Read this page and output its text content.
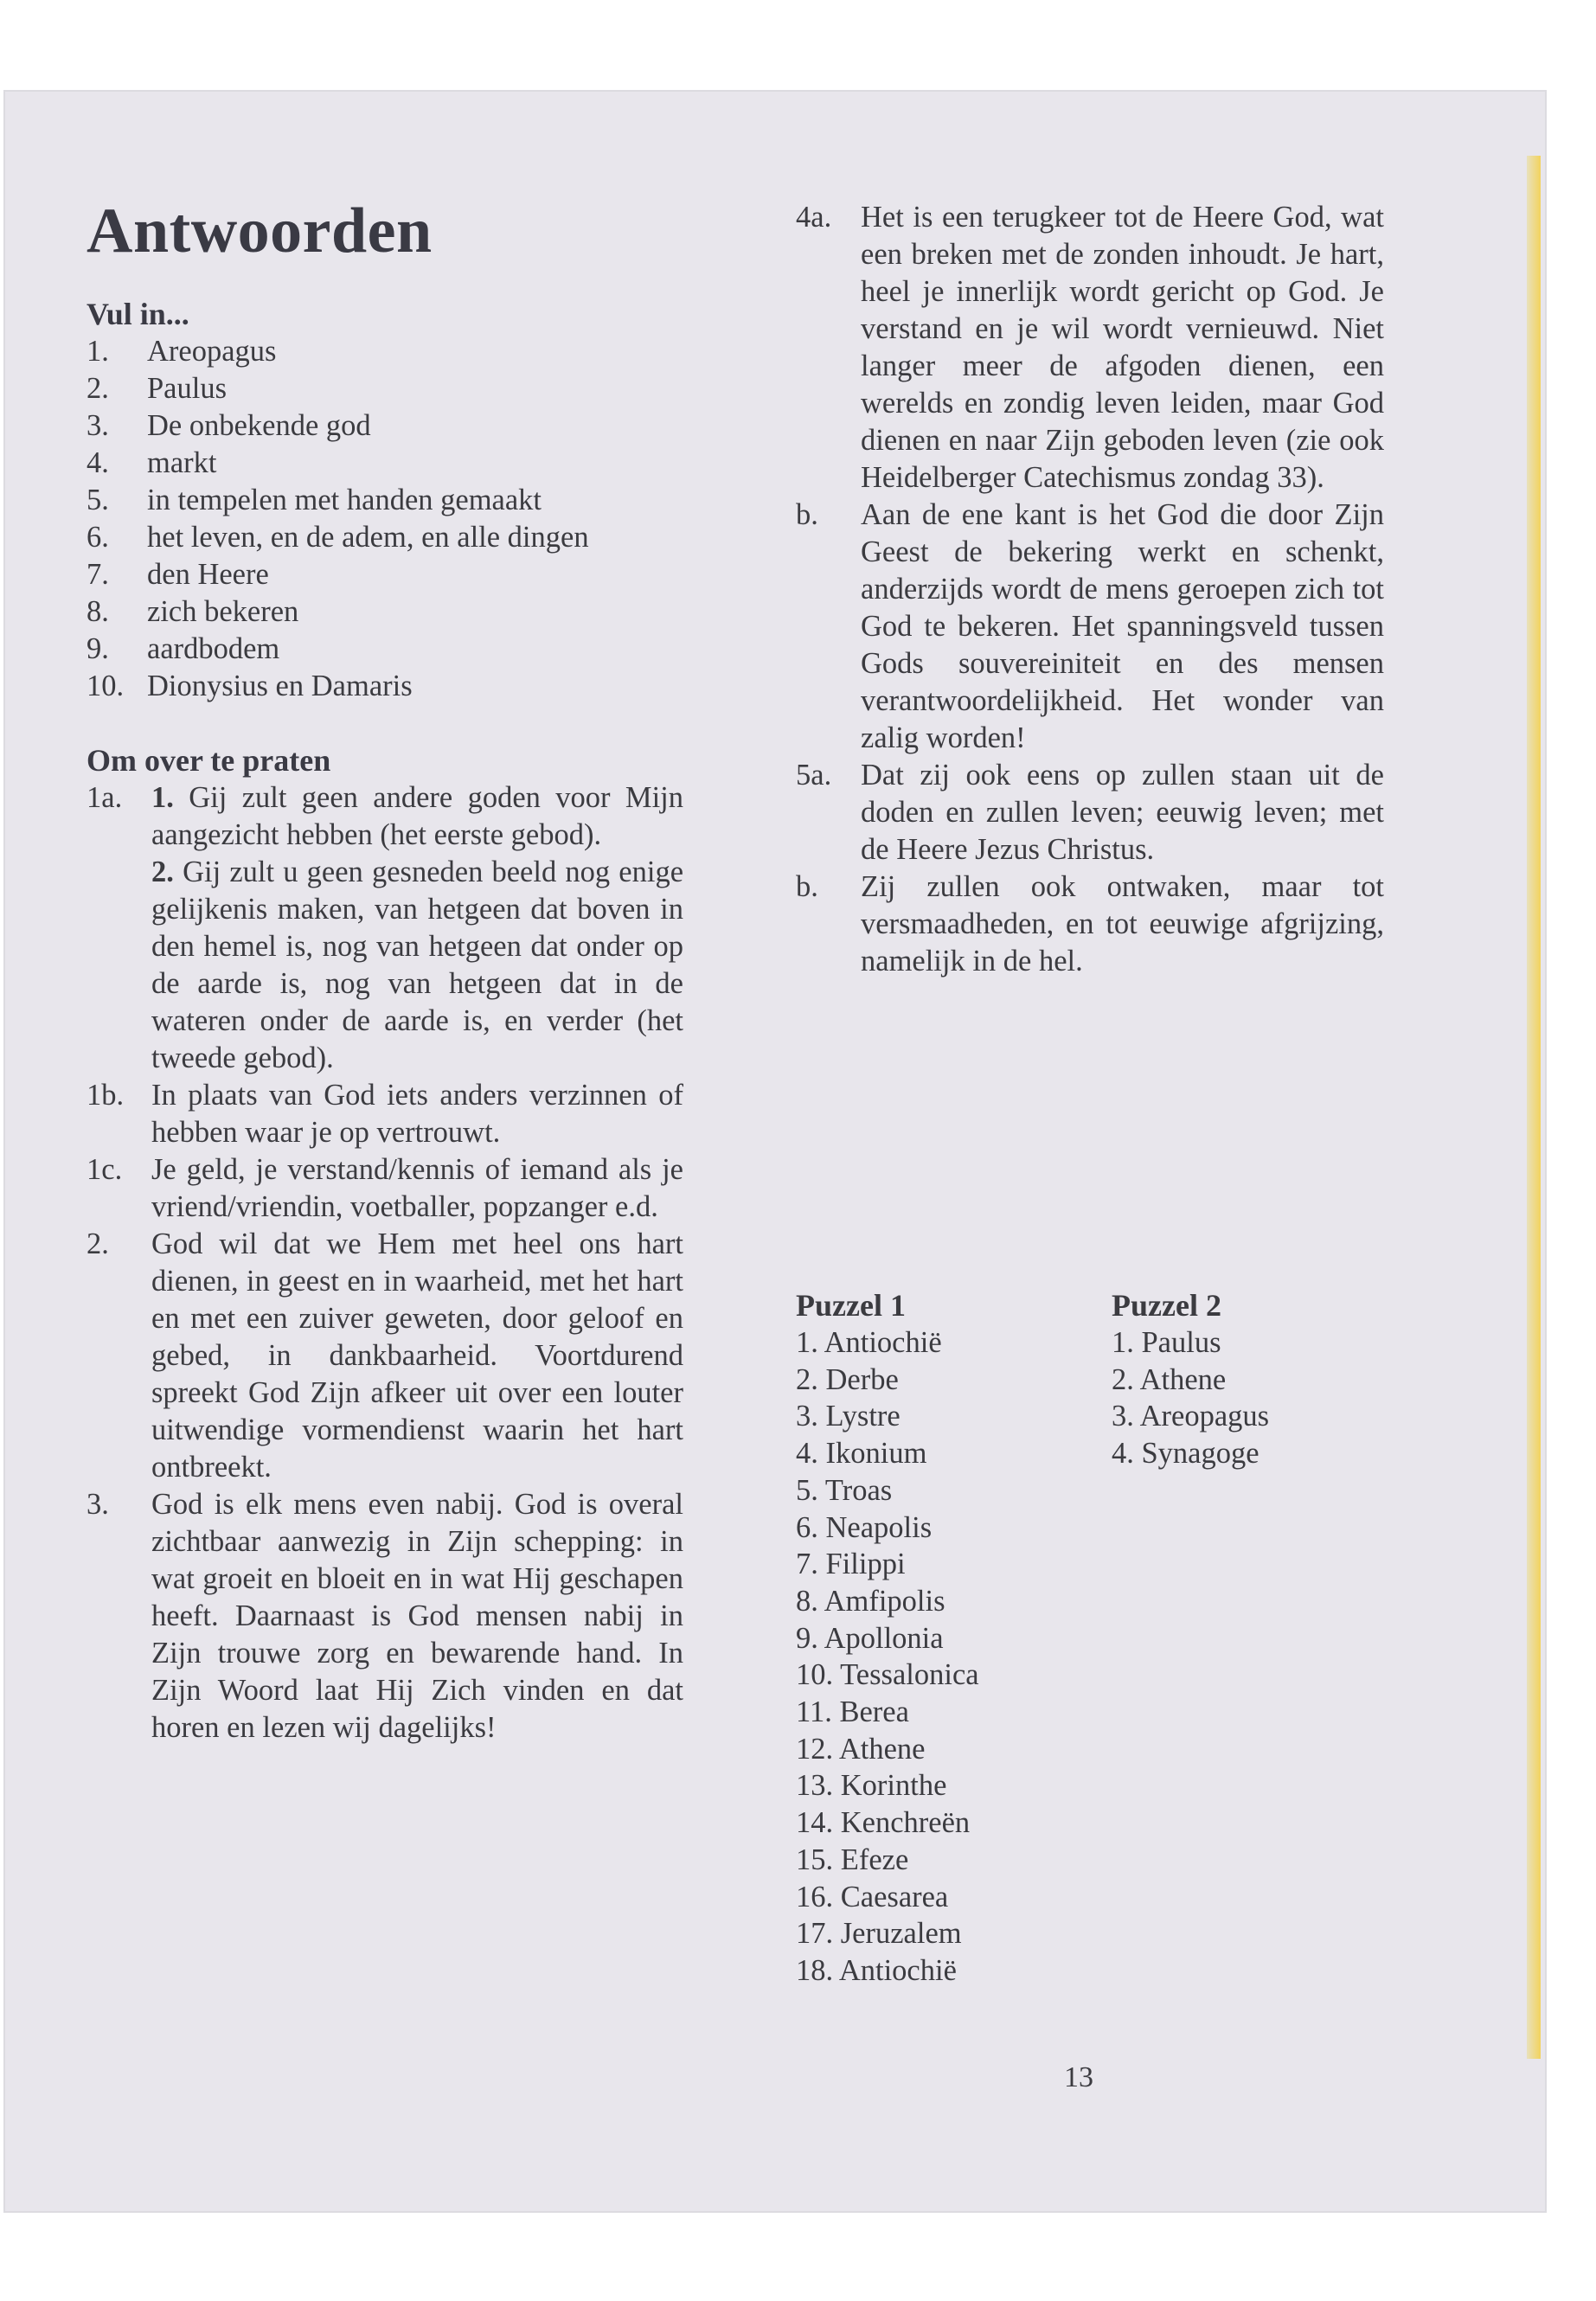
Antwoorden

Vul in...

1.	Areopagus
2.	Paulus
3.	De onbekende god
4.	markt
5.	in tempelen met handen gemaakt
6.	het leven, en de adem, en alle dingen
7.	den Heere
8.	zich bekeren
9.	aardbodem
10. Dionysius en Damaris

Om over te praten

1a. 1. Gij zult geen andere goden voor Mijn aangezicht hebben (het eerste gebod).

2. Gij zult u geen gesneden beeld nog enige gelijkenis maken, van hetgeen dat boven in den hemel is, nog van hetgeen dat onder op de aarde is, nog van hetgeen dat in de wateren onder de aarde is, en verder (het tweede gebod).

1b. In plaats van God iets anders verzinnen of hebben waar je op vertrouwt.
1c. Je geld, je verstand/kennis of iemand als je vriend/vriendin, voetballer, popzanger e.d.
2.	God wil dat we Hem met heel ons hart dienen, in geest en in waarheid, met het hart en met een zuiver geweten, door geloof en gebed, in dankbaarheid. Voortdurend spreekt God Zijn afkeer uit over een louter uitwendige vormendienst waarin het hart ontbreekt.
3.	God is elk mens even nabij. God is overal zichtbaar aanwezig in Zijn schepping: in wat groeit en bloeit en in wat Hij geschapen heeft. Daarnaast is God mensen nabij in Zijn trouwe zorg en bewarende hand. In Zijn Woord laat Hij Zich vinden en dat horen en lezen wij dagelijks!
4a. Het is een terugkeer tot de Heere God, wat een breken met de zonden inhoudt. Je hart, heel je innerlijk wordt gericht op God. Je verstand en je wil wordt vernieuwd. Niet langer meer de afgoden dienen, een werelds en zondig leven leiden, maar God dienen en naar Zijn geboden leven (zie ook Heidelberger Catechismus zondag 33).
b.	Aan de ene kant is het God die door Zijn Geest de bekering werkt en schenkt, anderzijds wordt de mens geroepen zich tot God te bekeren. Het spanningsveld tussen Gods souvereiniteit en des mensen verantwoordelijkheid. Het wonder van zalig worden!
5a. Dat zij ook eens op zullen staan uit de doden en zullen leven; eeuwig leven; met de Heere Jezus Christus.
b.	Zij zullen ook ontwaken, maar tot versmaadheden, en tot eeuwige afgrijzing, namelijk in de hel.

Puzzel 1

1. Antiochië
2. Derbe
3. Lystre
4. Ikonium
5. Troas
6. Neapolis
7. Filippi
8. Amfipolis
9. Apollonia
10. Tessalonica
11. Berea
12. Athene
13. Korinthe
14. Kenchreën
15. Efeze
16. Caesarea
17. Jeruzalem
18. Antiochië

Puzzel 2

1. Paulus
2. Athene
3. Areopagus
4. Synagoge
13
